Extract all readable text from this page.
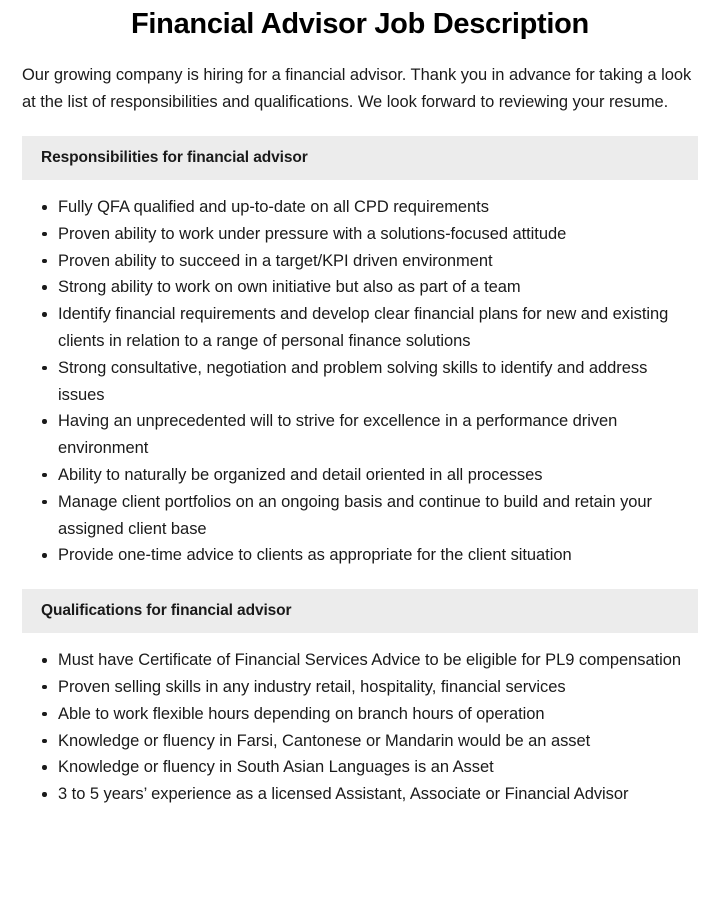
Financial Advisor Job Description

Our growing company is hiring for a financial advisor. Thank you in advance for taking a look at the list of responsibilities and qualifications. We look forward to reviewing your resume.

Responsibilities for financial advisor
Fully QFA qualified and up-to-date on all CPD requirements
Proven ability to work under pressure with a solutions-focused attitude
Proven ability to succeed in a target/KPI driven environment
Strong ability to work on own initiative but also as part of a team
Identify financial requirements and develop clear financial plans for new and existing clients in relation to a range of personal finance solutions
Strong consultative, negotiation and problem solving skills to identify and address issues
Having an unprecedented will to strive for excellence in a performance driven environment
Ability to naturally be organized and detail oriented in all processes
Manage client portfolios on an ongoing basis and continue to build and retain your assigned client base
Provide one-time advice to clients as appropriate for the client situation
Qualifications for financial advisor
Must have Certificate of Financial Services Advice to be eligible for PL9 compensation
Proven selling skills in any industry retail, hospitality, financial services
Able to work flexible hours depending on branch hours of operation
Knowledge or fluency in Farsi, Cantonese or Mandarin would be an asset
Knowledge or fluency in South Asian Languages is an Asset
3 to 5 years’ experience as a licensed Assistant, Associate or Financial Advisor
